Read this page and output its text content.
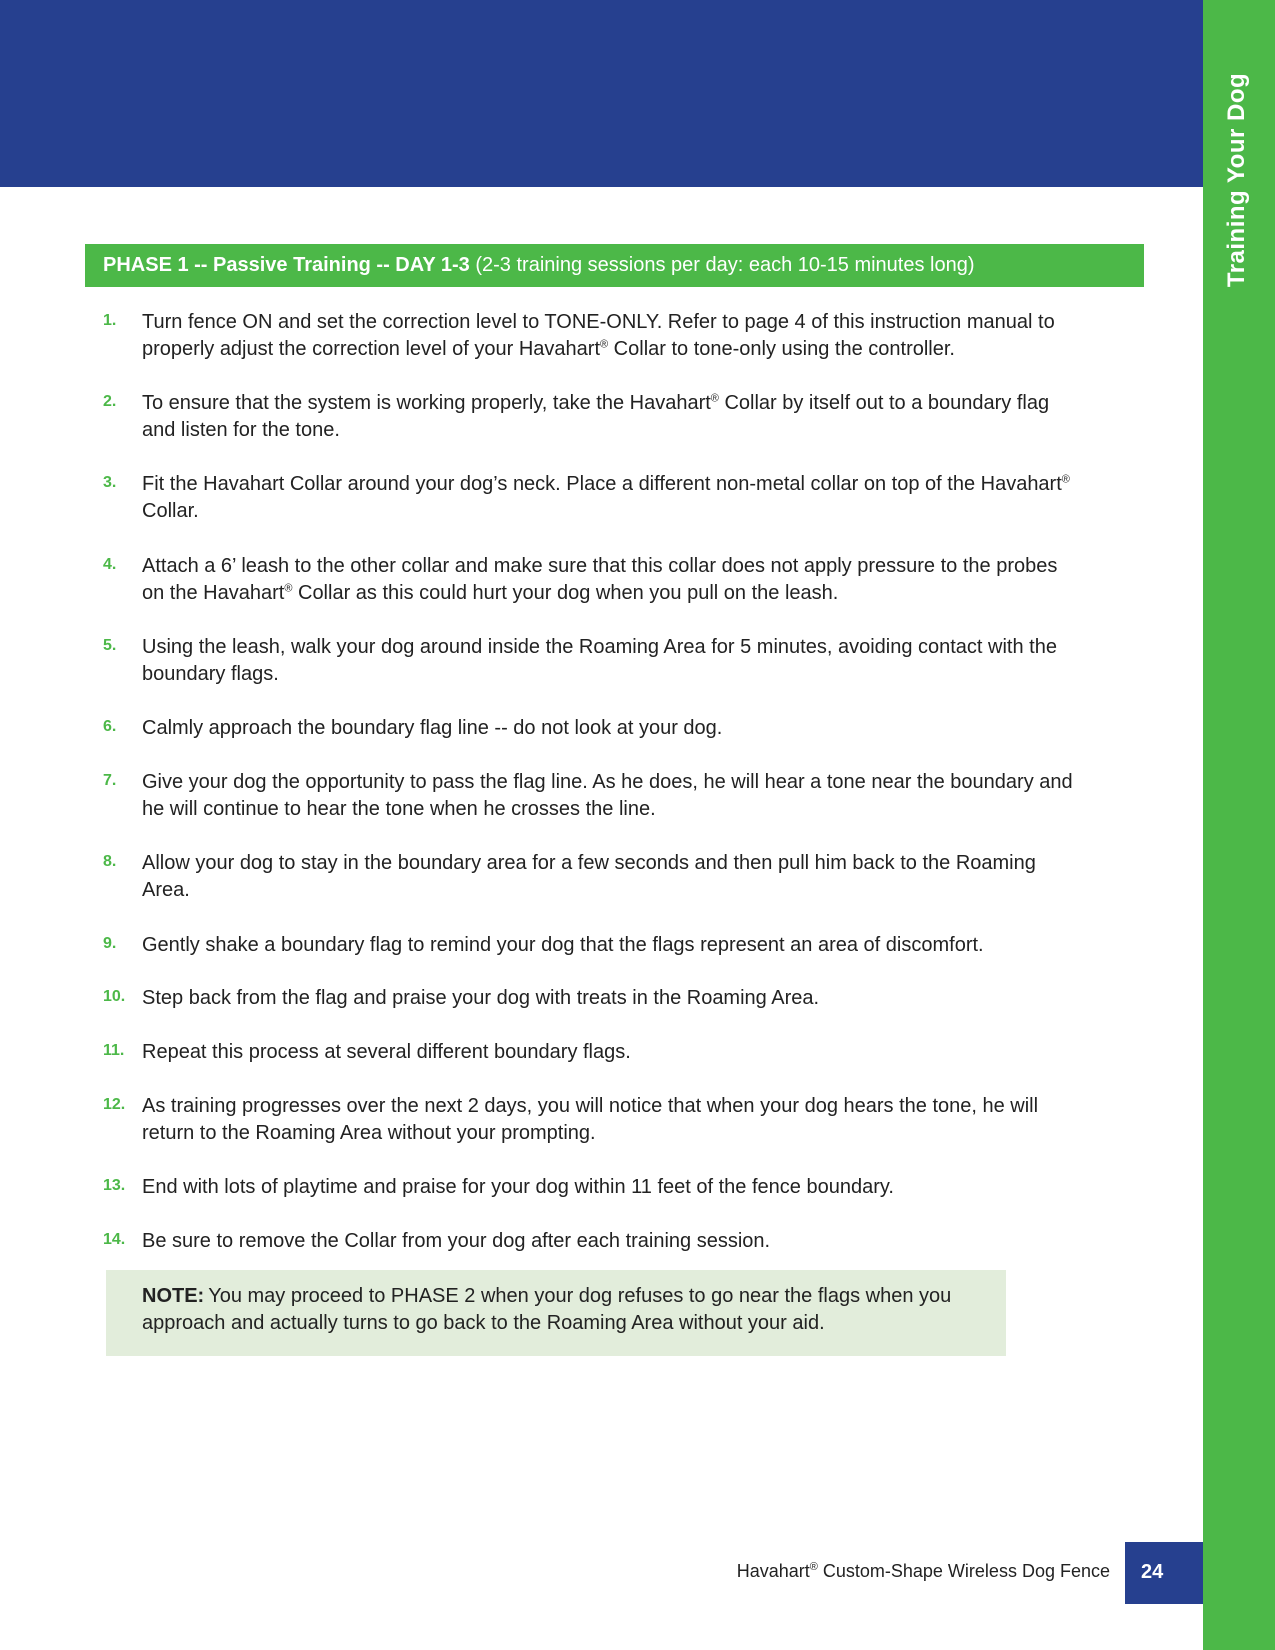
Training Your Dog
PHASE 1 -- Passive Training -- DAY 1-3 (2-3 training sessions per day: each 10-15 minutes long)
1. Turn fence ON and set the correction level to TONE-ONLY. Refer to page 4 of this instruction manual to properly adjust the correction level of your Havahart® Collar to tone-only using the controller.
2. To ensure that the system is working properly, take the Havahart® Collar by itself out to a boundary flag and listen for the tone.
3. Fit the Havahart Collar around your dog’s neck. Place a different non-metal collar on top of the Havahart® Collar.
4. Attach a 6’ leash to the other collar and make sure that this collar does not apply pressure to the probes on the Havahart® Collar as this could hurt your dog when you pull on the leash.
5. Using the leash, walk your dog around inside the Roaming Area for 5 minutes, avoiding contact with the boundary flags.
6. Calmly approach the boundary flag line -- do not look at your dog.
7. Give your dog the opportunity to pass the flag line. As he does, he will hear a tone near the boundary and he will continue to hear the tone when he crosses the line.
8. Allow your dog to stay in the boundary area for a few seconds and then pull him back to the Roaming Area.
9. Gently shake a boundary flag to remind your dog that the flags represent an area of discomfort.
10. Step back from the flag and praise your dog with treats in the Roaming Area.
11. Repeat this process at several different boundary flags.
12. As training progresses over the next 2 days, you will notice that when your dog hears the tone, he will return to the Roaming Area without your prompting.
13. End with lots of playtime and praise for your dog within 11 feet of the fence boundary.
14. Be sure to remove the Collar from your dog after each training session.
NOTE: You may proceed to PHASE 2 when your dog refuses to go near the flags when you approach and actually turns to go back to the Roaming Area without your aid.
Havahart® Custom-Shape Wireless Dog Fence 24
